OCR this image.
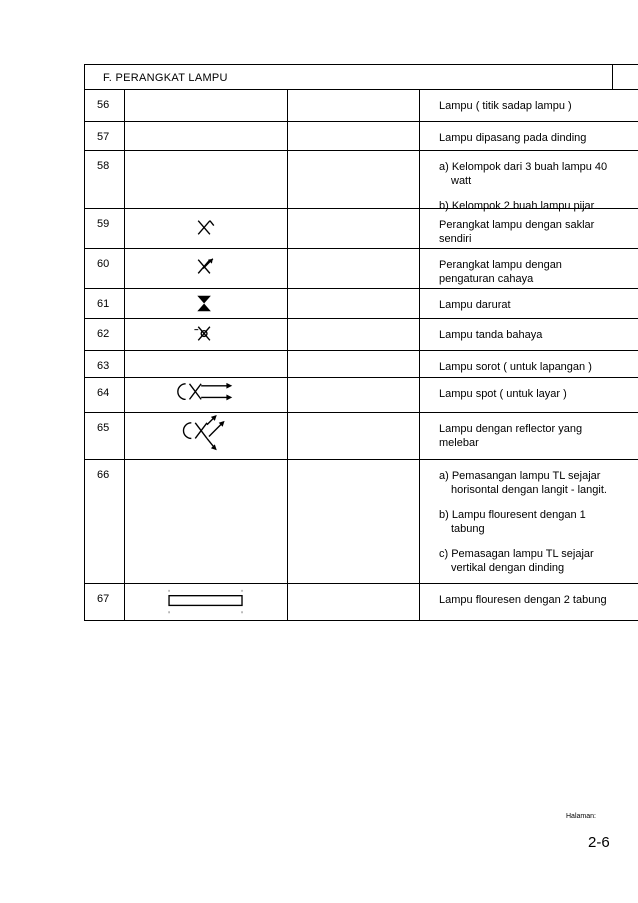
F. PERANGKAT LAMPU
56	Lampu ( titik sadap lampu )
57	Lampu dipasang pada dinding
58	a) Kelompok dari 3 buah lampu 40
watt

b) Kelompok 2 buah lampu pijar

59	Perangkat lampu dengan saklar
sendiri
60	Perangkat lampu dengan
pengaturan cahaya
61	Lampu darurat
62	Lampu tanda bahaya
63	Lampu sorot ( untuk lapangan )
64	Lampu spot ( untuk layar )
65	Lampu dengan reflector yang
melebar
66	a) Pemasangan lampu TL sejajar
horisontal dengan langit - langit.

b) Lampu flouresent dengan 1
tabung

c) Pemasagan lampu TL sejajar
vertikal dengan dinding

67	Lampu flouresen dengan 2 tabung
Halaman:
2-6
